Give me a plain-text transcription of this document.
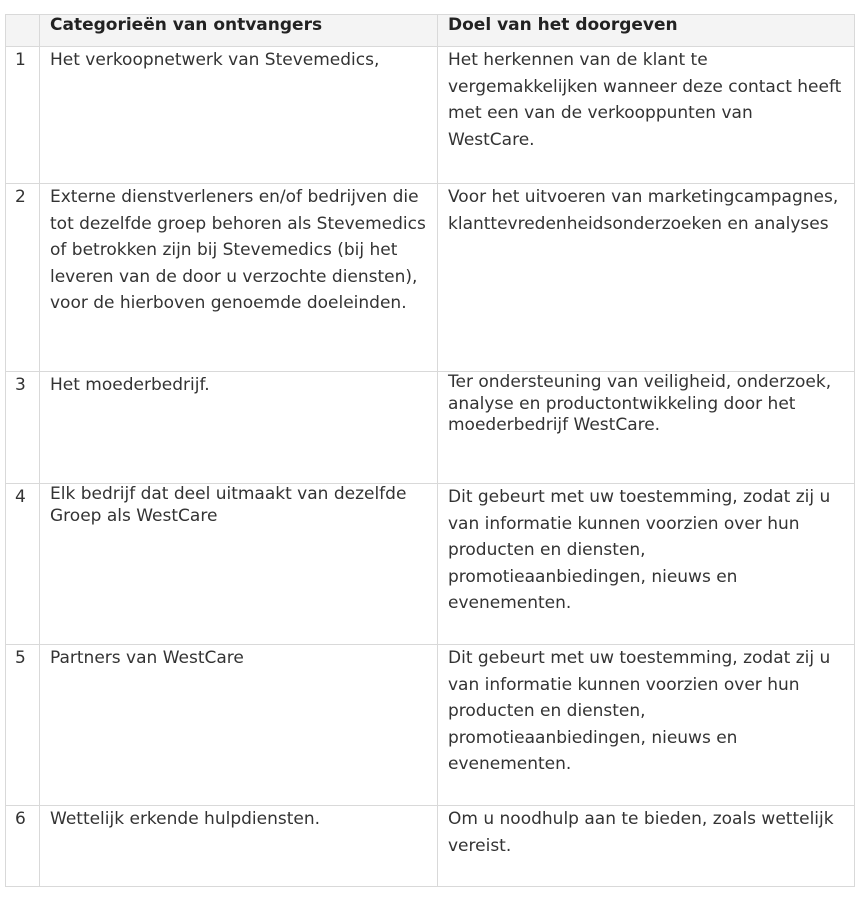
	Categorieën van ontvangers	Doel van het doorgeven
1	Het verkoopnetwerk van Stevemedics,	Het herkennen van de klant te vergemakkelijken wanneer deze contact heeft met een van de verkooppunten van WestCare.
2	Externe dienstverleners en/of bedrijven die tot dezelfde groep behoren als Stevemedics of betrokken zijn bij Stevemedics (bij het leveren van de door u verzochte diensten), voor de hierboven genoemde doeleinden.	Voor het uitvoeren van marketingcampagnes, klanttevredenheidsonderzoeken en analyses
3	Het moederbedrijf.	Ter ondersteuning van veiligheid, onderzoek, analyse en productontwikkeling door het moederbedrijf WestCare.
4	Elk bedrijf dat deel uitmaakt van dezelfde Groep als WestCare	Dit gebeurt met uw toestemming, zodat zij u van informatie kunnen voorzien over hun producten en diensten, promotieaanbiedingen, nieuws en evenementen.
5	Partners van WestCare	Dit gebeurt met uw toestemming, zodat zij u van informatie kunnen voorzien over hun producten en diensten, promotieaanbiedingen, nieuws en evenementen.
6	Wettelijk erkende hulpdiensten.	Om u noodhulp aan te bieden, zoals wettelijk vereist.
